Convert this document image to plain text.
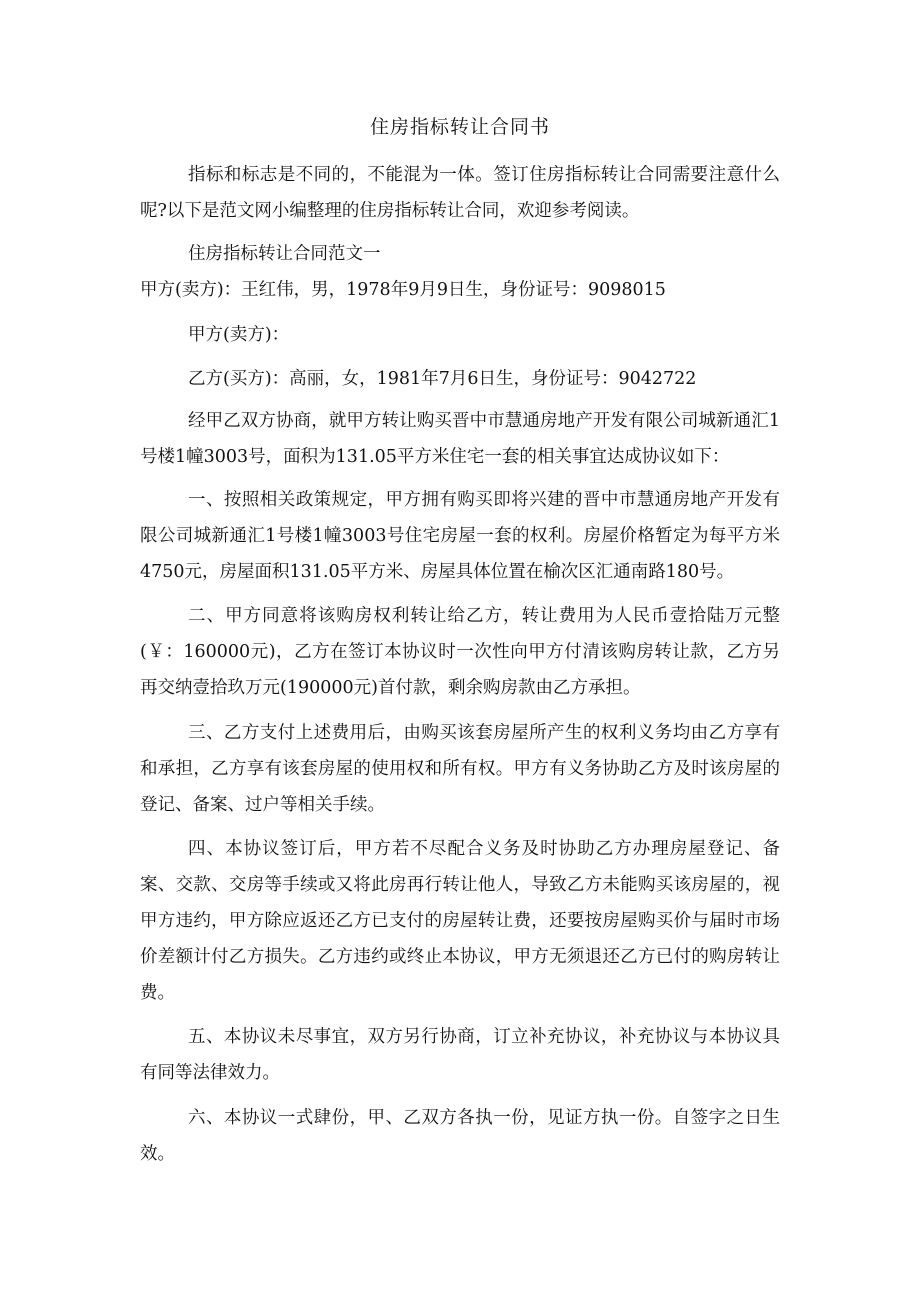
住房指标转让合同书

指标和标志是不同的，不能混为一体。签订住房指标转让合同需要注意什么呢?以下是范文网小编整理的住房指标转让合同，欢迎参考阅读。

住房指标转让合同范文一

甲方(卖方)：王红伟，男，1978年9月9日生，身份证号：9098015

甲方(卖方)：

乙方(买方)：高丽，女，1981年7月6日生，身份证号：9042722

经甲乙双方协商，就甲方转让购买晋中市慧通房地产开发有限公司城新通汇1号楼1幢3003号，面积为131.05平方米住宅一套的相关事宜达成协议如下：

一、按照相关政策规定，甲方拥有购买即将兴建的晋中市慧通房地产开发有限公司城新通汇1号楼1幢3003号住宅房屋一套的权利。房屋价格暂定为每平方米4750元，房屋面积131.05平方米、房屋具体位置在榆次区汇通南路180号。

二、甲方同意将该购房权利转让给乙方，转让费用为人民币壹拾陆万元整(￥：160000元)，乙方在签订本协议时一次性向甲方付清该购房转让款，乙方另再交纳壹拾玖万元(190000元)首付款，剩余购房款由乙方承担。

三、乙方支付上述费用后，由购买该套房屋所产生的权利义务均由乙方享有和承担，乙方享有该套房屋的使用权和所有权。甲方有义务协助乙方及时该房屋的登记、备案、过户等相关手续。

四、本协议签订后，甲方若不尽配合义务及时协助乙方办理房屋登记、备案、交款、交房等手续或又将此房再行转让他人，导致乙方未能购买该房屋的，视甲方违约，甲方除应返还乙方已支付的房屋转让费，还要按房屋购买价与届时市场价差额计付乙方损失。乙方违约或终止本协议，甲方无须退还乙方已付的购房转让费。

五、本协议未尽事宜，双方另行协商，订立补充协议，补充协议与本协议具有同等法律效力。

六、本协议一式肆份，甲、乙双方各执一份，见证方执一份。自签字之日生效。
